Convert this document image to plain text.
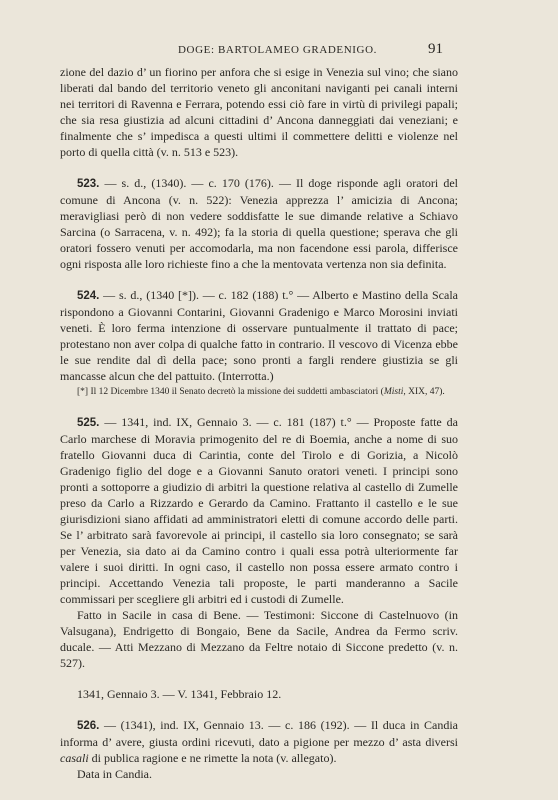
DOGE: BARTOLAMEO GRADENIGO.	91

zione del dazio d’ un fiorino per anfora che si esige in Venezia sul vino; che siano liberati dal bando del territorio veneto gli anconitani naviganti pei canali interni nei territori di Ravenna e Ferrara, potendo essi ciò fare in virtù di privilegi papali; che sia resa giustizia ad alcuni cittadini d’ Ancona danneggiati dai veneziani; e finalmente che s’ impedisca a questi ultimi il commettere delitti e violenze nel porto di quella città (v. n. 513 e 523).

523. — s. d., (1340). — c. 170 (176). — Il doge risponde agli oratori del comune di Ancona (v. n. 522): Venezia apprezza l’ amicizia di Ancona; meravigliasi però di non vedere soddisfatte le sue dimande relative a Schiavo Sarcina (o Sarracena, v. n. 492); fa la storia di quella questione; sperava che gli oratori fossero venuti per accomodarla, ma non facendone essi parola, differisce ogni risposta alle loro richieste fino a che la mentovata vertenza non sia definita.

524. — s. d., (1340 [*]). — c. 182 (188) t.° — Alberto e Mastino della Scala rispondono a Giovanni Contarini, Giovanni Gradenigo e Marco Morosini inviati veneti. È loro ferma intenzione di osservare puntualmente il trattato di pace; protestano non aver colpa di qualche fatto in contrario. Il vescovo di Vicenza ebbe le sue rendite dal dì della pace; sono pronti a fargli rendere giustizia se gli mancasse alcun che del pattuito. (Interrotta.)

[*] Il 12 Dicembre 1340 il Senato decretò la missione dei suddetti ambasciatori (Misti, XIX, 47).

525. — 1341, ind. IX, Gennaio 3. — c. 181 (187) t.° — Proposte fatte da Carlo marchese di Moravia primogenito del re di Boemia, anche a nome di suo fratello Giovanni duca di Carintia, conte del Tirolo e di Gorizia, a Nicolò Gradenigo figlio del doge e a Giovanni Sanuto oratori veneti. I principi sono pronti a sottoporre a giudizio di arbitri la questione relativa al castello di Zumelle preso da Carlo a Rizzardo e Gerardo da Camino. Frattanto il castello e le sue giurisdizioni siano affidati ad amministratori eletti di comune accordo delle parti. Se l’ arbitrato sarà favorevole ai principi, il castello sia loro consegnato; se sarà per Venezia, sia dato ai da Camino contro i quali essa potrà ulteriormente far valere i suoi diritti. In ogni caso, il castello non possa essere armato contro i principi. Accettando Venezia tali proposte, le parti manderanno a Sacile commissari per scegliere gli arbitri ed i custodi di Zumelle.

Fatto in Sacile in casa di Bene. — Testimoni: Siccone di Castelnuovo (in Valsugana), Endrigetto di Bongaio, Bene da Sacile, Andrea da Fermo scriv. ducale. — Atti Mezzano di Mezzano da Feltre notaio di Siccone predetto (v. n. 527).

1341, Gennaio 3. — V. 1341, Febbraio 12.

526. — (1341), ind. IX, Gennaio 13. — c. 186 (192). — Il duca in Candia informa d’ avere, giusta ordini ricevuti, dato a pigione per mezzo d’ asta diversi casali di publica ragione e ne rimette la nota (v. allegato).

Data in Candia.
